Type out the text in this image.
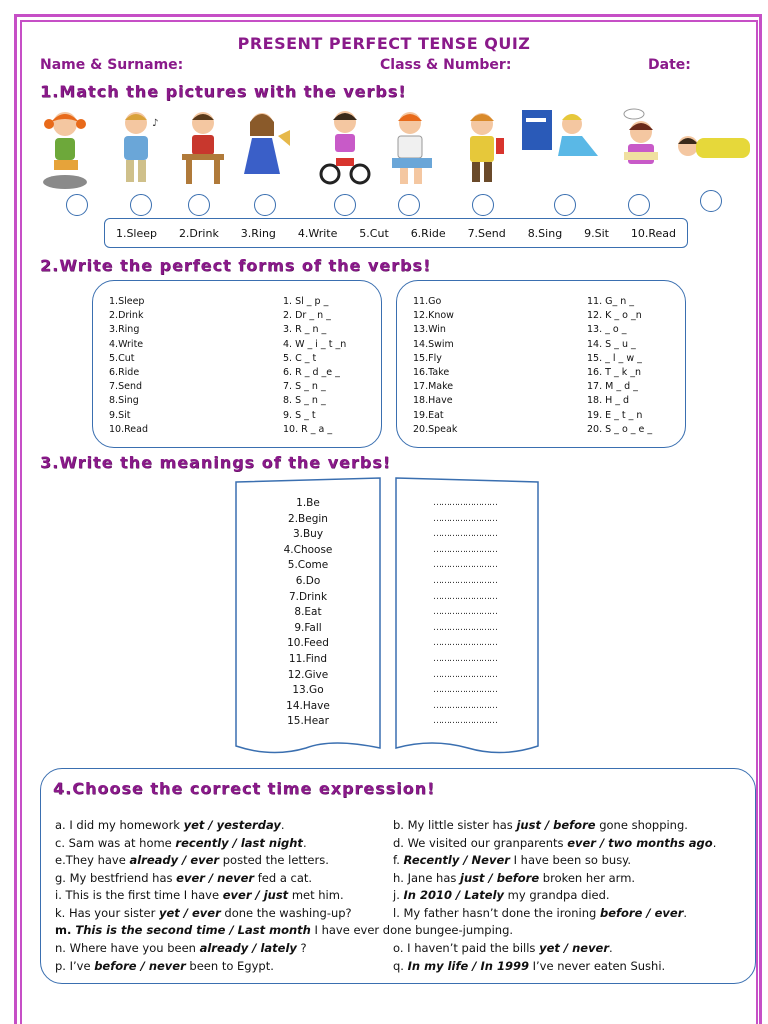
PRESENT PERFECT TENSE QUIZ
Name & Surname:	Class & Number:	Date:
1.Match the pictures with the verbs!
♪
1.Sleep 2.Drink 3.Ring 4.Write 5.Cut 6.Ride 7.Send 8.Sing 9.Sit 10.Read
2.Write the perfect forms of the verbs!
1.Sleep
2.Drink
3.Ring
4.Write
5.Cut
6.Ride
7.Send
8.Sing
9.Sit
10.Read
1. Sl _ p _
2. Dr _ n _
3. R _ n _
4. W _ i _ t _n
5. C _ t
6. R _ d _e _
7. S _ n _
8. S _ n _
9. S _ t
10. R _ a _
11.Go
12.Know
13.Win
14.Swim
15.Fly
16.Take
17.Make
18.Have
19.Eat
20.Speak
11. G_ n _
12. K _ o _n
13. _ o _
14. S _ u _
15. _ l _ w _
16. T _ k _n
17. M _ d _
18. H _ d
19. E _ t _ n
20. S _ o _ e _
3.Write the meanings of the verbs!
1.Be
2.Begin
3.Buy
4.Choose
5.Come
6.Do
7.Drink
8.Eat
9.Fall
10.Feed
11.Find
12.Give
13.Go
14.Have
15.Hear
……………………
……………………
……………………
……………………
……………………
……………………
……………………
……………………
……………………
……………………
……………………
……………………
……………………
……………………
……………………
4.Choose the correct time expression!
a. I did my homework yet / yesterday.
c. Sam was at home recently / last night.
e.They have already / ever posted the letters.
g. My bestfriend has ever / never fed a cat.
i. This is the first time I have ever / just met him.
k. Has your sister yet / ever done the washing-up?
n. Where have you been already / lately ?
p. I’ve before / never been to Egypt.
b. My little sister has just / before gone shopping.
d. We visited our granparents ever / two months ago.
f. Recently / Never I have been so busy.
h. Jane has just / before broken her arm.
j. In 2010 / Lately my grandpa died.
l. My father hasn’t done the ironing before / ever.
o. I haven’t paid the bills yet / never.
q. In my life / In 1999 I’ve never eaten Sushi.
m. This is the second time / Last month I have ever done bungee-jumping.
